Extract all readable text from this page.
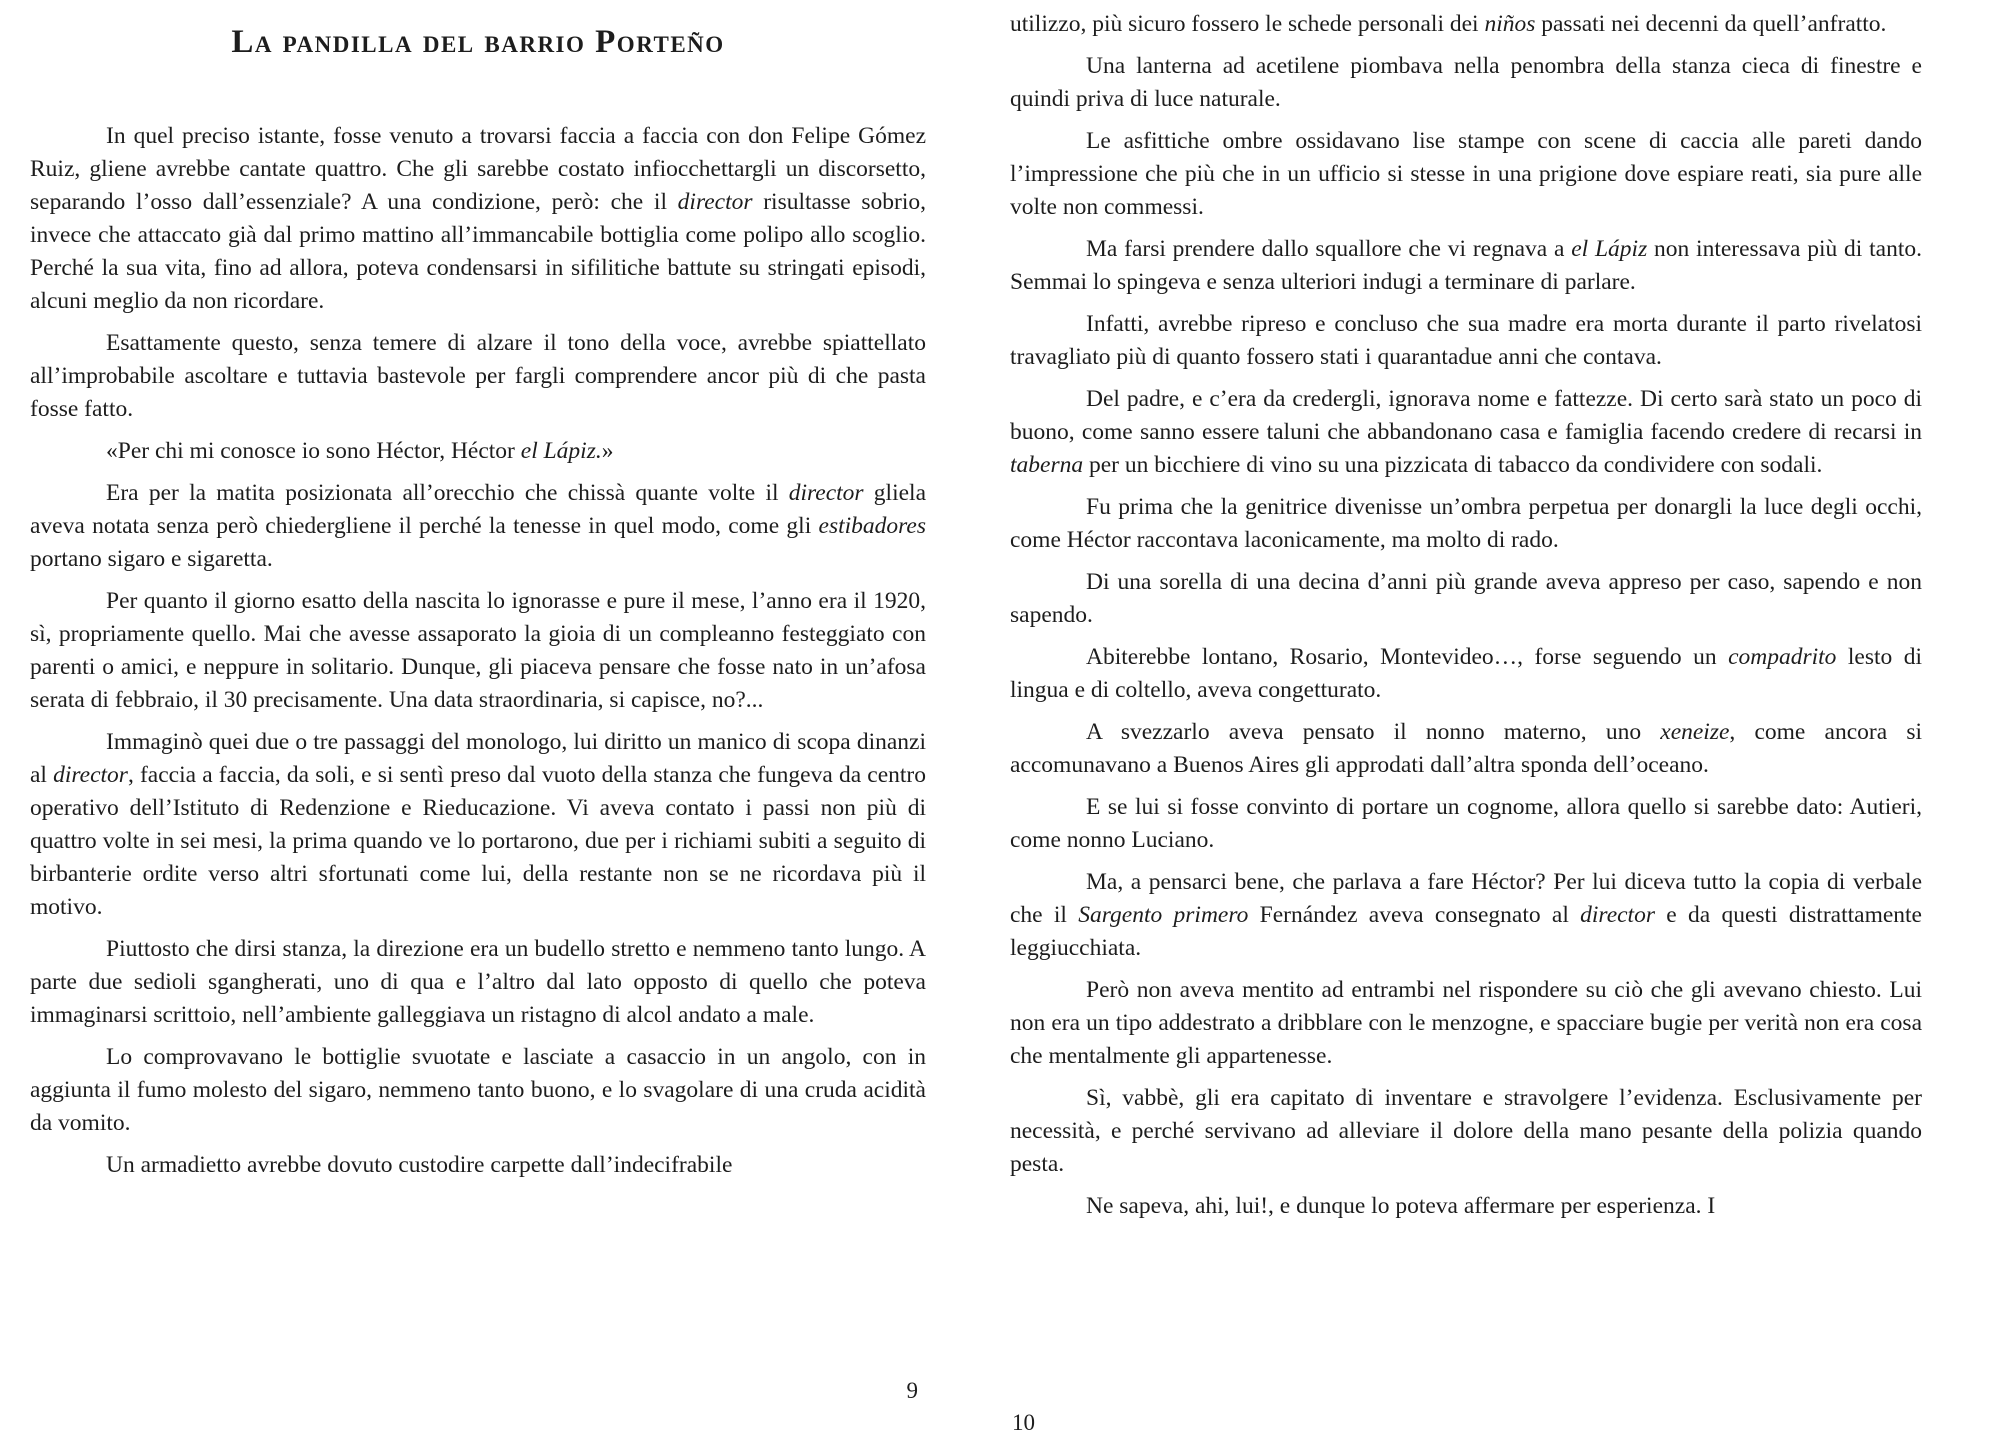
La pandilla del barrio Porteño

In quel preciso istante, fosse venuto a trovarsi faccia a faccia con don Felipe Gómez Ruiz, gliene avrebbe cantate quattro. Che gli sarebbe costato infiocchettargli un discorsetto, separando l’osso dall’essenziale? A una condizione, però: che il director risultasse sobrio, invece che attaccato già dal primo mattino all’immancabile bottiglia come polipo allo scoglio. Perché la sua vita, fino ad allora, poteva condensarsi in sifilitiche battute su stringati episodi, alcuni meglio da non ricordare.

Esattamente questo, senza temere di alzare il tono della voce, avrebbe spiattellato all’improbabile ascoltare e tuttavia bastevole per fargli comprendere ancor più di che pasta fosse fatto.

«Per chi mi conosce io sono Héctor, Héctor el Lápiz.»

Era per la matita posizionata all’orecchio che chissà quante volte il director gliela aveva notata senza però chiedergliene il perché la tenesse in quel modo, come gli estibadores portano sigaro e sigaretta.

Per quanto il giorno esatto della nascita lo ignorasse e pure il mese, l’anno era il 1920, sì, propriamente quello. Mai che avesse assaporato la gioia di un compleanno festeggiato con parenti o amici, e neppure in solitario. Dunque, gli piaceva pensare che fosse nato in un’afosa serata di febbraio, il 30 precisamente. Una data straordinaria, si capisce, no?...

Immaginò quei due o tre passaggi del monologo, lui diritto un manico di scopa dinanzi al director, faccia a faccia, da soli, e si sentì preso dal vuoto della stanza che fungeva da centro operativo dell’Istituto di Redenzione e Rieducazione. Vi aveva contato i passi non più di quattro volte in sei mesi, la prima quando ve lo portarono, due per i richiami subiti a seguito di birbanterie ordite verso altri sfortunati come lui, della restante non se ne ricordava più il motivo.

Piuttosto che dirsi stanza, la direzione era un budello stretto e nemmeno tanto lungo. A parte due sedioli sgangherati, uno di qua e l’altro dal lato opposto di quello che poteva immaginarsi scrittoio, nell’ambiente galleggiava un ristagno di alcol andato a male.

Lo comprovavano le bottiglie svuotate e lasciate a casaccio in un angolo, con in aggiunta il fumo molesto del sigaro, nemmeno tanto buono, e lo svagolare di una cruda acidità da vomito.

Un armadietto avrebbe dovuto custodire carpette dall’indecifrabile

9

utilizzo, più sicuro fossero le schede personali dei niños passati nei decenni da quell’anfratto.

Una lanterna ad acetilene piombava nella penombra della stanza cieca di finestre e quindi priva di luce naturale.

Le asfittiche ombre ossidavano lise stampe con scene di caccia alle pareti dando l’impressione che più che in un ufficio si stesse in una prigione dove espiare reati, sia pure alle volte non commessi.

Ma farsi prendere dallo squallore che vi regnava a el Lápiz non interessava più di tanto. Semmai lo spingeva e senza ulteriori indugi a terminare di parlare.

Infatti, avrebbe ripreso e concluso che sua madre era morta durante il parto rivelatosi travagliato più di quanto fossero stati i quarantadue anni che contava.

Del padre, e c’era da credergli, ignorava nome e fattezze. Di certo sarà stato un poco di buono, come sanno essere taluni che abbandonano casa e famiglia facendo credere di recarsi in taberna per un bicchiere di vino su una pizzicata di tabacco da condividere con sodali.

Fu prima che la genitrice divenisse un’ombra perpetua per donargli la luce degli occhi, come Héctor raccontava laconicamente, ma molto di rado.

Di una sorella di una decina d’anni più grande aveva appreso per caso, sapendo e non sapendo.

Abiterebbe lontano, Rosario, Montevideo…, forse seguendo un compadrito lesto di lingua e di coltello, aveva congetturato.

A svezzarlo aveva pensato il nonno materno, uno xeneize, come ancora si accomunavano a Buenos Aires gli approdati dall’altra sponda dell’oceano.

E se lui si fosse convinto di portare un cognome, allora quello si sarebbe dato: Autieri, come nonno Luciano.

Ma, a pensarci bene, che parlava a fare Héctor? Per lui diceva tutto la copia di verbale che il Sargento primero Fernández aveva consegnato al director e da questi distrattamente leggiucchiata.

Però non aveva mentito ad entrambi nel rispondere su ciò che gli avevano chiesto. Lui non era un tipo addestrato a dribblare con le menzogne, e spacciare bugie per verità non era cosa che mentalmente gli appartenesse.

Sì, vabbè, gli era capitato di inventare e stravolgere l’evidenza. Esclusivamente per necessità, e perché servivano ad alleviare il dolore della mano pesante della polizia quando pesta.

Ne sapeva, ahi, lui!, e dunque lo poteva affermare per esperienza. I

10
